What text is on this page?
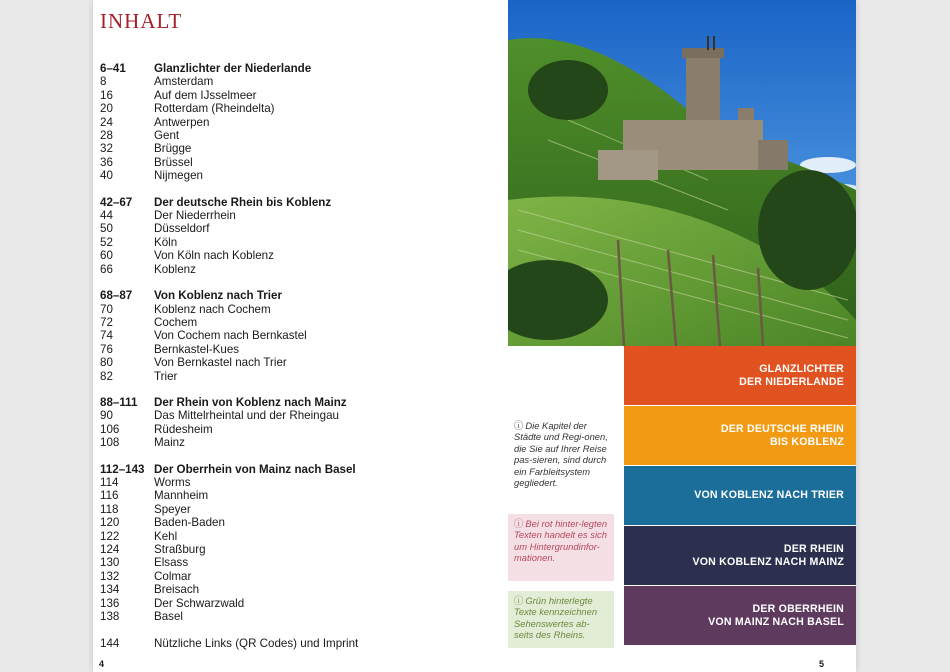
INHALT
6–41	Glanzlichter der Niederlande
8	Amsterdam
16	Auf dem IJsselmeer
20	Rotterdam (Rheindelta)
24	Antwerpen
28	Gent
32	Brügge
36	Brüssel
40	Nijmegen
42–67	Der deutsche Rhein bis Koblenz
44	Der Niederrhein
50	Düsseldorf
52	Köln
60	Von Köln nach Koblenz
66	Koblenz
68–87	Von Koblenz nach Trier
70	Koblenz nach Cochem
72	Cochem
74	Von Cochem nach Bernkastel
76	Bernkastel-Kues
80	Von Bernkastel nach Trier
82	Trier
88–111	Der Rhein von Koblenz nach Mainz
90	Das Mittelrheintal und der Rheingau
106	Rüdesheim
108	Mainz
112–143 Der Oberrhein von Mainz nach Basel
114	Worms
116	Mannheim
118	Speyer
120	Baden-Baden
122	Kehl
124	Straßburg
130	Elsass
132	Colmar
134	Breisach
136	Der Schwarzwald
138	Basel
144	Nützliche Links (QR Codes) und Imprint
4
ⓘ Die Kapitel der Städte und Regi-onen, die Sie auf Ihrer Reise pas-sieren, sind durch ein Farbleitsystem gegliedert.
ⓘ Bei rot hinter-legten Texten handelt es sich um Hintergrundinfor-mationen.
ⓘ Grün hinterlegte Texte kennzeichnen Sehenswertes ab-seits des Rheins.
GLANZLICHTER
DER NIEDERLANDE
DER DEUTSCHE RHEIN
BIS KOBLENZ
VON KOBLENZ NACH TRIER
DER RHEIN
VON KOBLENZ NACH MAINZ
DER OBERRHEIN
VON MAINZ NACH BASEL
5
